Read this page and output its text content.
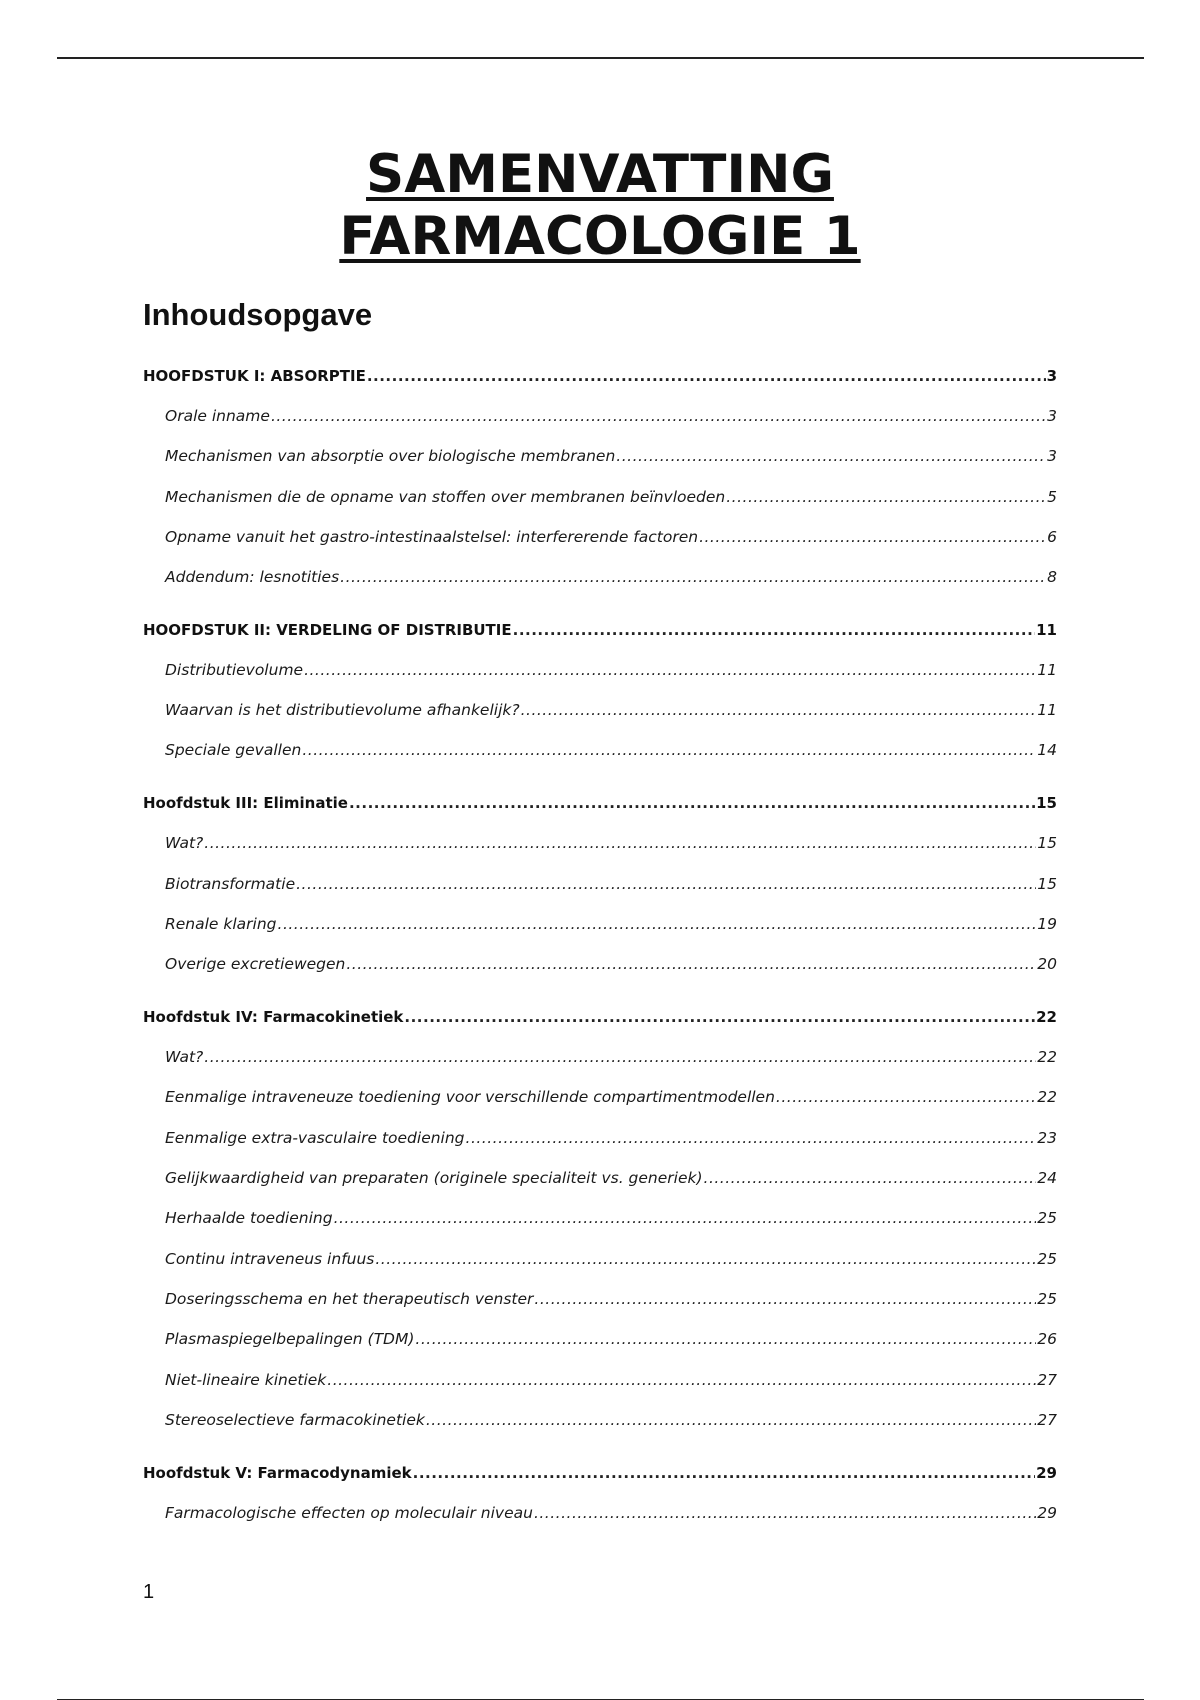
SAMENVATTING
FARMACOLOGIE 1
Inhoudsopgave
HOOFDSTUK I: ABSORPTIE .....	3
Orale inname .....	3
Mechanismen van absorptie over biologische membranen .....	3
Mechanismen die de opname van stoffen over membranen beïnvloeden .....	5
Opname vanuit het gastro-intestinaalstelsel: interfererende factoren .....	6
Addendum: lesnotities .....	8
HOOFDSTUK II: VERDELING OF DISTRIBUTIE .....	11
Distributievolume .....	11
Waarvan is het distributievolume afhankelijk? .....	11
Speciale gevallen .....	14
Hoofdstuk III: Eliminatie .....	15
Wat? .....	15
Biotransformatie .....	15
Renale klaring .....	19
Overige excretiewegen .....	20
Hoofdstuk IV: Farmacokinetiek .....	22
Wat? .....	22
Eenmalige intraveneuze toediening voor verschillende compartimentmodellen .....	22
Eenmalige extra-vasculaire toediening .....	23
Gelijkwaardigheid van preparaten (originele specialiteit vs. generiek) .....	24
Herhaalde toediening .....	25
Continu intraveneus infuus .....	25
Doseringsschema en het therapeutisch venster .....	25
Plasmaspiegelbepalingen (TDM) .....	26
Niet-lineaire kinetiek .....	27
Stereoselectieve farmacokinetiek .....	27
Hoofdstuk V: Farmacodynamiek .....	29
Farmacologische effecten op moleculair niveau .....	29

1
